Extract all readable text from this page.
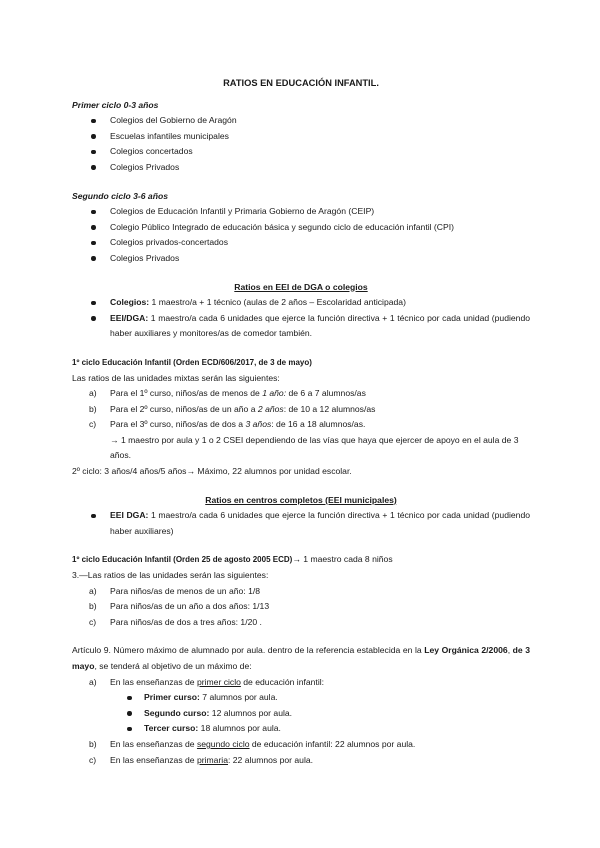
RATIOS EN EDUCACIÓN INFANTIL.

Primer ciclo 0-3 años

Colegios del Gobierno de Aragón
Escuelas infantiles municipales
Colegios concertados
Colegios Privados

Segundo ciclo 3-6 años

Colegios de Educación Infantil y Primaria Gobierno de Aragón (CEIP)
Colegio Público Integrado de educación básica y segundo ciclo de educación infantil (CPI)
Colegios privados-concertados
Colegios Privados

Ratios en EEI de DGA o colegios

Colegios: 1 maestro/a + 1 técnico (aulas de 2 años – Escolaridad anticipada)
EEI/DGA: 1 maestro/a cada 6 unidades que ejerce la función directiva + 1 técnico por cada unidad (pudiendo haber auxiliares y monitores/as de comedor también.

1º ciclo Educación Infantil (Orden ECD/606/2017, de 3 de mayo)

Las ratios de las unidades mixtas serán las siguientes:

a) Para el 1º curso, niños/as de menos de 1 año: de 6 a 7 alumnos/as
b) Para el 2º curso, niños/as de un año a 2 años: de 10 a 12 alumnos/as
c) Para el 3º curso, niños/as de dos a 3 años: de 16 a 18 alumnos/as.
→ 1 maestro por aula y 1 o 2 CSEI dependiendo de las vías que haya que ejercer de apoyo en el aula de 3 años.

2º ciclo: 3 años/4 años/5 años→ Máximo, 22 alumnos por unidad escolar.

Ratios en centros completos (EEI municipales)

EEI DGA: 1 maestro/a cada 6 unidades que ejerce la función directiva + 1 técnico por cada unidad (pudiendo haber auxiliares)

1º ciclo Educación Infantil (Orden 25 de agosto 2005 ECD)→ 1 maestro cada 8 niños

3.—Las ratios de las unidades serán las siguientes:

a) Para niños/as de menos de un año: 1/8
b) Para niños/as de un año a dos años: 1/13
c) Para niños/as de dos a tres años: 1/20 .

Artículo 9. Número máximo de alumnado por aula. dentro de la referencia establecida en la Ley Orgánica 2/2006, de 3 mayo, se tenderá al objetivo de un máximo de:

a) En las enseñanzas de primer ciclo de educación infantil:
Primer curso: 7 alumnos por aula.
Segundo curso: 12 alumnos por aula.
Tercer curso: 18 alumnos por aula.
b) En las enseñanzas de segundo ciclo de educación infantil: 22 alumnos por aula.
c) En las enseñanzas de primaria: 22 alumnos por aula.
